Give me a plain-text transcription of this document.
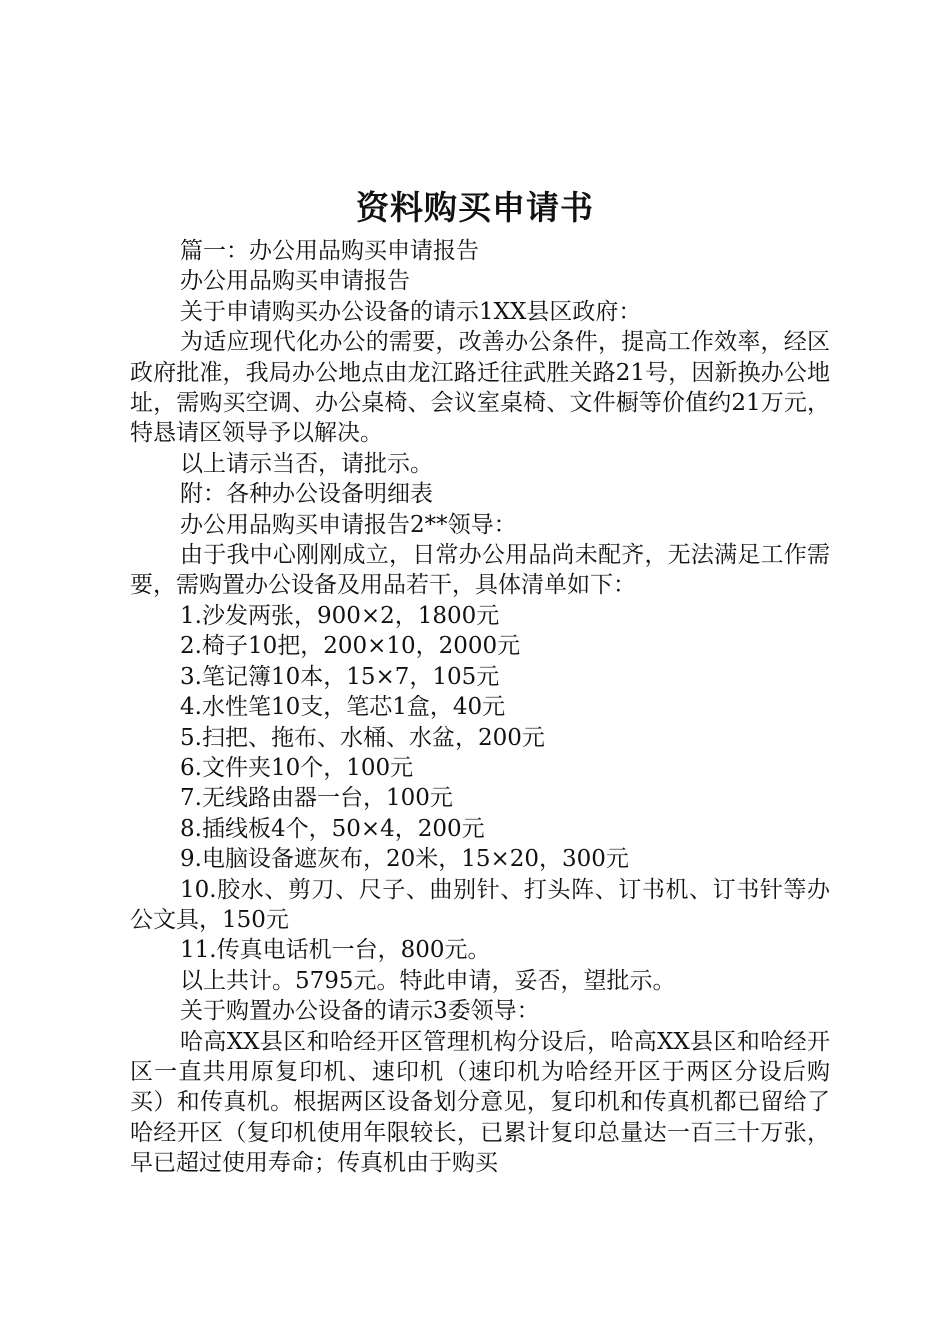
资料购买申请书

篇一：办公用品购买申请报告

办公用品购买申请报告

关于申请购买办公设备的请示1XX县区政府：

为适应现代化办公的需要，改善办公条件，提高工作效率，经区政府批准，我局办公地点由龙江路迁往武胜关路21号，因新换办公地址，需购买空调、办公桌椅、会议室桌椅、文件橱等价值约21万元，特恳请区领导予以解决。

以上请示当否，请批示。

附：各种办公设备明细表

办公用品购买申请报告2**领导：

由于我中心刚刚成立，日常办公用品尚未配齐，无法满足工作需要，需购置办公设备及用品若干，具体清单如下：

1.沙发两张，900×2，1800元

2.椅子10把，200×10，2000元

3.笔记簿10本，15×7，105元

4.水性笔10支，笔芯1盒，40元

5.扫把、拖布、水桶、水盆，200元

6.文件夹10个，100元

7.无线路由器一台，100元

8.插线板4个，50×4，200元

9.电脑设备遮灰布，20米，15×20，300元

10.胶水、剪刀、尺子、曲别针、打头阵、订书机、订书针等办公文具，150元

11.传真电话机一台，800元。

以上共计。5795元。特此申请，妥否，望批示。

关于购置办公设备的请示3委领导：

哈高XX县区和哈经开区管理机构分设后，哈高XX县区和哈经开区一直共用原复印机、速印机（速印机为哈经开区于两区分设后购买）和传真机。根据两区设备划分意见，复印机和传真机都已留给了哈经开区（复印机使用年限较长，已累计复印总量达一百三十万张，早已超过使用寿命；传真机由于购买
